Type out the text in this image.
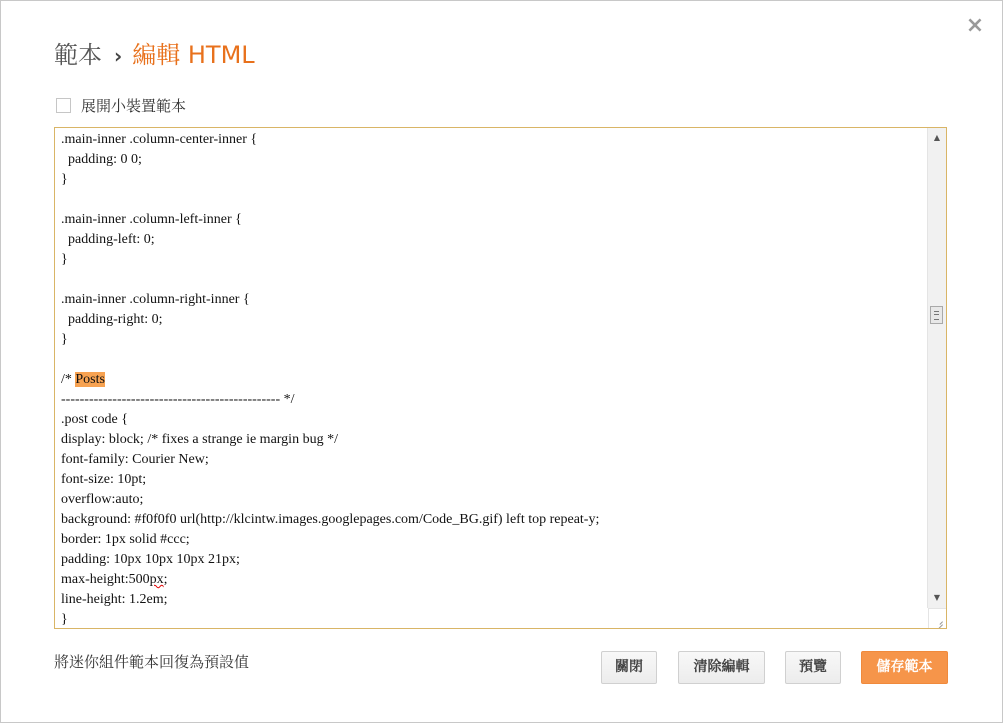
×
範本 › 編輯 HTML
展開小裝置範本
.main-inner .column-center-inner {
padding: 0 0;
}
.main-inner .column-left-inner {
padding-left: 0;
}
.main-inner .column-right-inner {
padding-right: 0;
}
/* Posts
----------------------------------------------- */
.post code {
display: block; /* fixes a strange ie margin bug */
font-family: Courier New;
font-size: 10pt;
overflow:auto;
background: #f0f0f0 url(http://klcintw.images.googlepages.com/Code_BG.gif) left top repeat-y;
border: 1px solid #ccc;
padding: 10px 10px 10px 21px;
max-height:500px;
line-height: 1.2em;
}
▲
▼
將迷你組件範本回復為預設值	關閉	清除編輯	預覽	儲存範本
